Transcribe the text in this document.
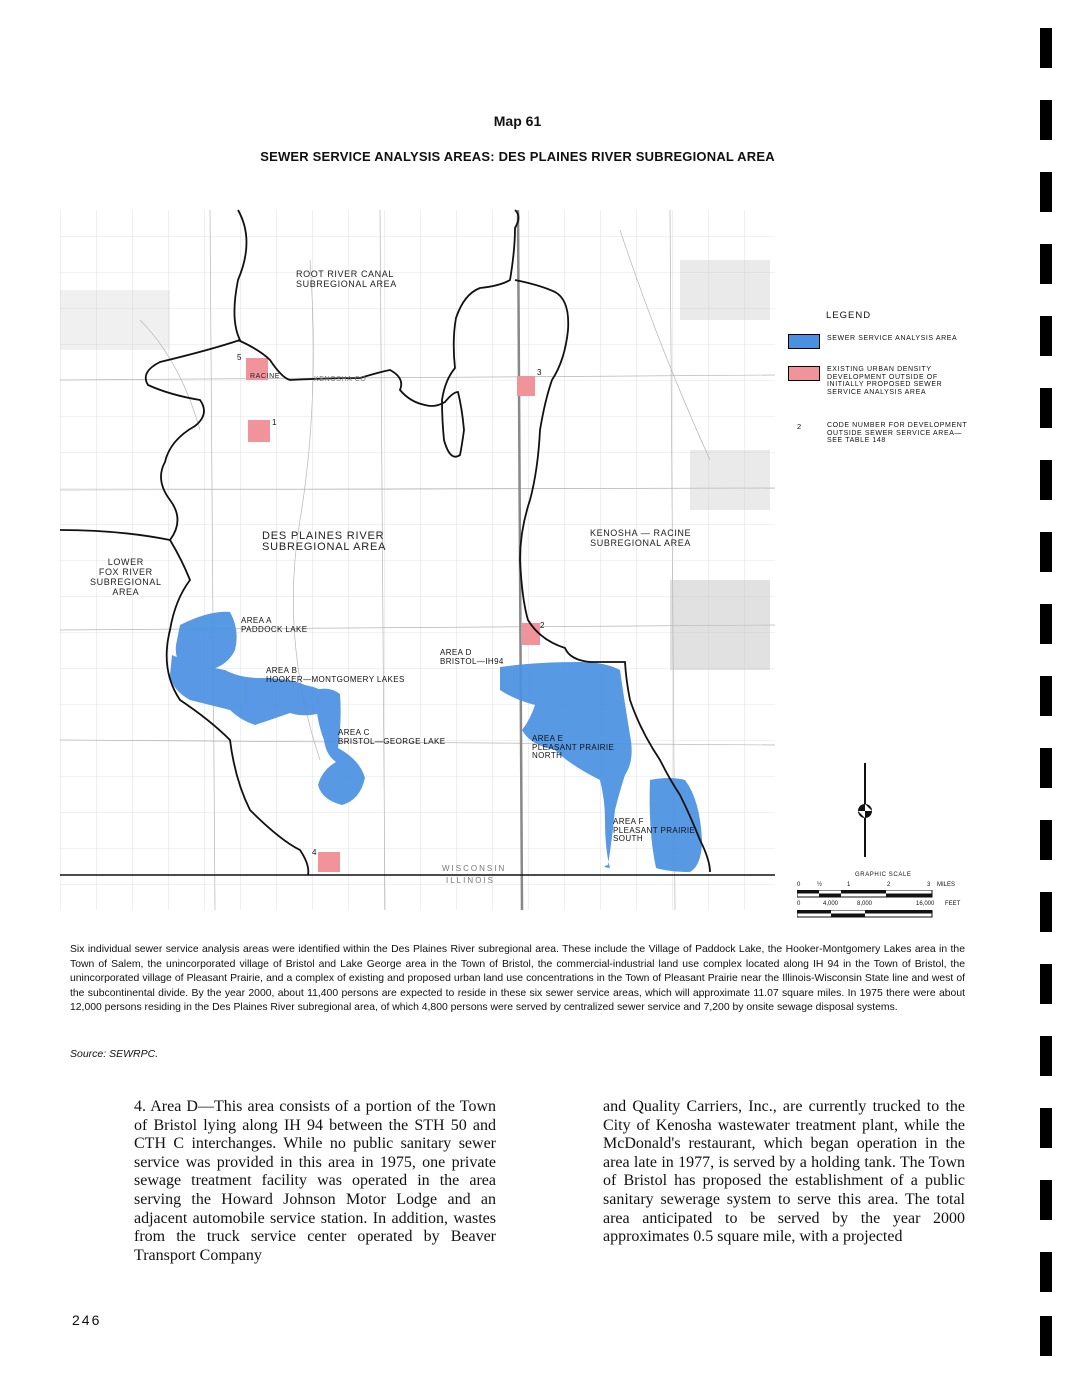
Map 61
SEWER SERVICE ANALYSIS AREAS: DES PLAINES RIVER SUBREGIONAL AREA
ROOT RIVER CANAL
SUBREGIONAL AREA
DES PLAINES RIVER
SUBREGIONAL AREA
KENOSHA — RACINE
SUBREGIONAL AREA
LOWER
FOX RIVER
SUBREGIONAL
AREA
AREA A
PADDOCK LAKE
AREA B
HOOKER—MONTGOMERY LAKES
AREA C
BRISTOL—GEORGE LAKE
AREA D
BRISTOL—IH94
AREA E
PLEASANT PRAIRIE
NORTH
AREA F
PLEASANT PRAIRIE
SOUTH
1
2
3
4
5
RACINE	KENOSHA CO
WISCONSIN
ILLINOIS
LEGEND
SEWER SERVICE ANALYSIS AREA
EXISTING URBAN DENSITY DEVELOPMENT OUTSIDE OF INITIALLY PROPOSED SEWER SERVICE ANALYSIS AREA
2	CODE NUMBER FOR DEVELOPMENT OUTSIDE SEWER SERVICE AREA—SEE TABLE 148
GRAPHIC SCALE
0	½	1	2	3 MILES
0	4,000	8,000	16,000 FEET
Six individual sewer service analysis areas were identified within the Des Plaines River subregional area. These include the Village of Paddock Lake, the Hooker-Montgomery Lakes area in the Town of Salem, the unincorporated village of Bristol and Lake George area in the Town of Bristol, the commercial-industrial land use complex located along IH 94 in the Town of Bristol, the unincorporated village of Pleasant Prairie, and a complex of existing and proposed urban land use concentrations in the Town of Pleasant Prairie near the Illinois-Wisconsin State line and west of the subcontinental divide. By the year 2000, about 11,400 persons are expected to reside in these six sewer service areas, which will approximate 11.07 square miles. In 1975 there were about 12,000 persons residing in the Des Plaines River subregional area, of which 4,800 persons were served by centralized sewer service and 7,200 by onsite sewage disposal systems.
Source: SEWRPC.
4. Area D—This area consists of a portion of the Town of Bristol lying along IH 94 between the STH 50 and CTH C interchanges. While no public sanitary sewer service was provided in this area in 1975, one private sewage treatment facility was operated in the area serving the Howard Johnson Motor Lodge and an adjacent automobile service station. In addition, wastes from the truck service center operated by Beaver Transport Company
and Quality Carriers, Inc., are currently trucked to the City of Kenosha wastewater treatment plant, while the McDonald's restaurant, which began operation in the area late in 1977, is served by a holding tank. The Town of Bristol has proposed the establishment of a public sanitary sewerage system to serve this area. The total area anticipated to be served by the year 2000 approximates 0.5 square mile, with a projected
246
